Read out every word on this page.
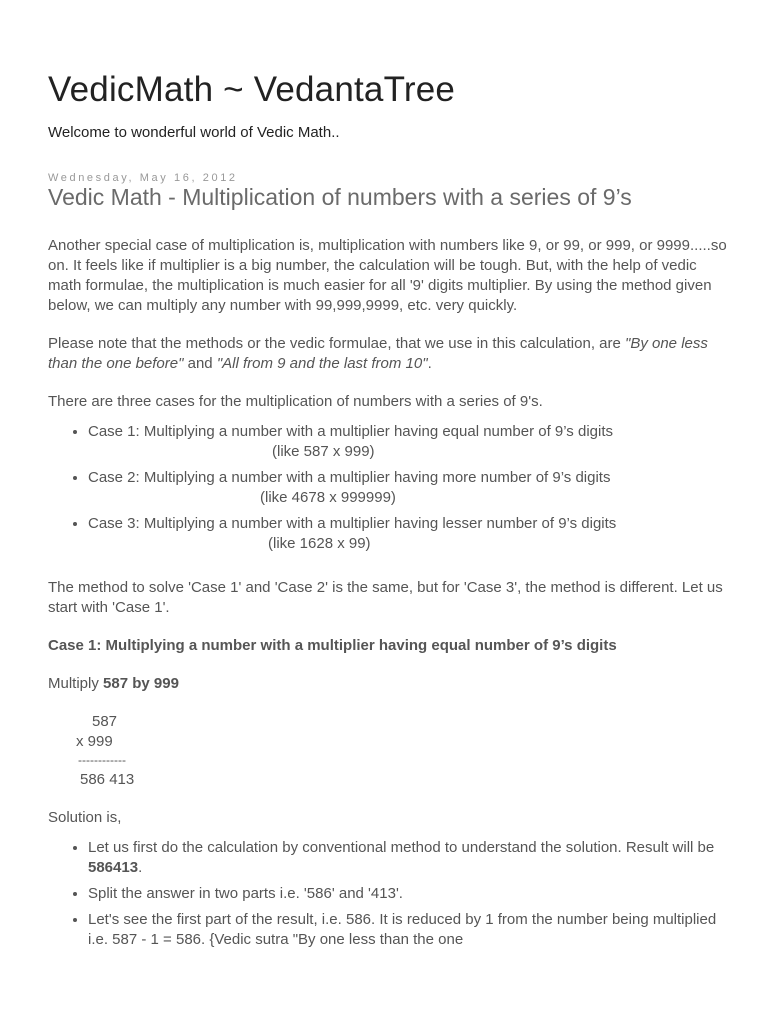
VedicMath ~ VedantaTree

Welcome to wonderful world of Vedic Math..

Wednesday, May 16, 2012

Vedic Math - Multiplication of numbers with a series of 9’s

Another special case of multiplication is, multiplication with numbers like 9, or 99, or 999, or 9999.....so on. It feels like if multiplier is a big number, the calculation will be tough. But, with the help of vedic math formulae, the multiplication is much easier for all '9' digits multiplier. By using the method given below, we can multiply any number with 99,999,9999, etc. very quickly.

Please note that the methods or the vedic formulae, that we use in this calculation, are "By one less than the one before" and "All from 9 and the last from 10".

There are three cases for the multiplication of numbers with a series of 9's.

• Case 1: Multiplying a number with a multiplier having equal number of 9’s digits
(like 587 x 999)
• Case 2: Multiplying a number with a multiplier having more number of 9’s digits
(like 4678 x 999999)
• Case 3: Multiplying a number with a multiplier having lesser number of 9’s digits
(like 1628 x 99)

The method to solve 'Case 1' and 'Case 2' is the same, but for 'Case 3', the method is different. Let us start with 'Case 1'.

Case 1: Multiplying a number with a multiplier having equal number of 9’s digits

Multiply 587 by 999

587
x 999
------------
586 413

Solution is,

• Let us first do the calculation by conventional method to understand the solution. Result will be 586413.
• Split the answer in two parts i.e. '586' and '413'.
• Let's see the first part of the result, i.e. 586. It is reduced by 1 from the number being multiplied i.e. 587 - 1 = 586. {Vedic sutra "By one less than the one
